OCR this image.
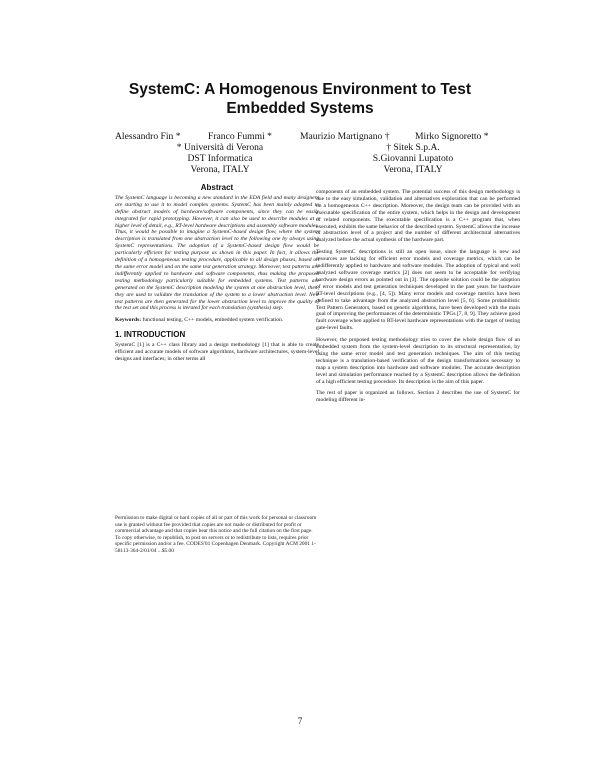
SystemC: A Homogenous Environment to Test
Embedded Systems
Alessandro Fin *	Franco Fummi *	Maurizio Martignano †	Mirko Signoretto *
* Università di Verona
DST Informatica
Verona, ITALY
† Sitek S.p.A.
S.Giovanni Lupatoto
Verona, ITALY
Abstract

The SystemC language is becoming a new standard in the EDA field and many designers are starting to use it to model complex systems. SystemC has been mainly adopted to define abstract models of hardware/software components, since they can be easily integrated for rapid prototyping. However, it can also be used to describe modules at a higher level of detail, e.g., RT-level hardware descriptions and assembly software modules. Thus, it would be possible to imagine a SystemC-based design flow, where the system description is translated from one abstraction level to the following one by always using SystemC representations. The adoption of a SystemC-based design flow would be particularly efficient for testing purpose as shown in this paper. In fact, it allows the definition of a homogeneous testing procedure, applicable to all design phases, based on the same error model and on the same test generation strategy. Moreover, test patterns are indifferently applied to hardware and software components, thus making the proposed testing methodology particularly suitable for embedded systems. Test patterns are generated on the SystemC description modeling the system at one abstraction level, then, they are used to validate the translation of the system to a lower abstraction level. New test patterns are then generated for the lower abstraction level to improve the quality of the test set and this process is iterated for each translation (synthesis) step.

Keywords: functional testing, C++ models, embedded system verification.

1. INTRODUCTION

SystemC [1] is a C++ class library and a design methodology [1] that is able to create efficient and accurate models of software algorithms, hardware architectures, system-level designs and interfaces; in other terms all

Permission to make digital or hard copies of all or part of this work for personal or classroom use is granted without fee provided that copies are not made or distributed for profit or commercial advantage and that copies bear this notice and the full citation on the first page. To copy otherwise, to republish, to post on servers or to redistribute to lists, requires prior specific permission and/or a fee. CODES'01 Copenhagen Denmark. Copyright ACM 2001 1-58113-364-2/01/04 ...$5.00

components of an embedded system. The potential success of this design methodology is due to the easy simulation, validation and alternatives exploration that can be performed on a homogeneous C++ description. Moreover, the design team can be provided with an executable specification of the entire system, which helps in the design and development of related components. The executable specification is a C++ program that, when executed, exhibits the same behavior of the described system. SystemC allows the increase of abstraction level of a project and the number of different architectural alternatives analyzed before the actual synthesis of the hardware part.

Testing SystemC descriptions is still an open issue, since the language is new and resources are lacking for efficient error models and coverage metrics, which can be indifferently applied to hardware and software modules. The adoption of typical and well analyzed software coverage metrics [2] does not seem to be acceptable for verifying hardware design errors as pointed out in [3]. The opposite solution could be the adoption of error models and test generation techniques developed in the past years for hardware RT-level descriptions (e.g., [4, 5]). Many error models and coverage metrics have been defined to take advantage from the analyzed abstraction level [5, 6]. Some probabilistic Test Pattern Generators, based on genetic algorithms, have been developed with the main goal of improving the performances of the deterministic TPGs [7, 8, 9]. They achieve good fault coverage when applied to RT-level hardware representations with the target of testing gate-level faults.

However, the proposed testing methodology tries to cover the whole design flow of an embedded system from the system-level description to its structural representation, by using the same error model and test generation techniques. The aim of this testing technique is a translation-based verification of the design transformations necessary to map a system description into hardware and software modules. The accurate description level and simulation performance reached by a SystemC description allows the definition of a high efficient testing procedure. Its description is the aim of this paper.

The rest of paper is organized as follows. Section 2 describes the use of SystemC for modeling different in-

7
